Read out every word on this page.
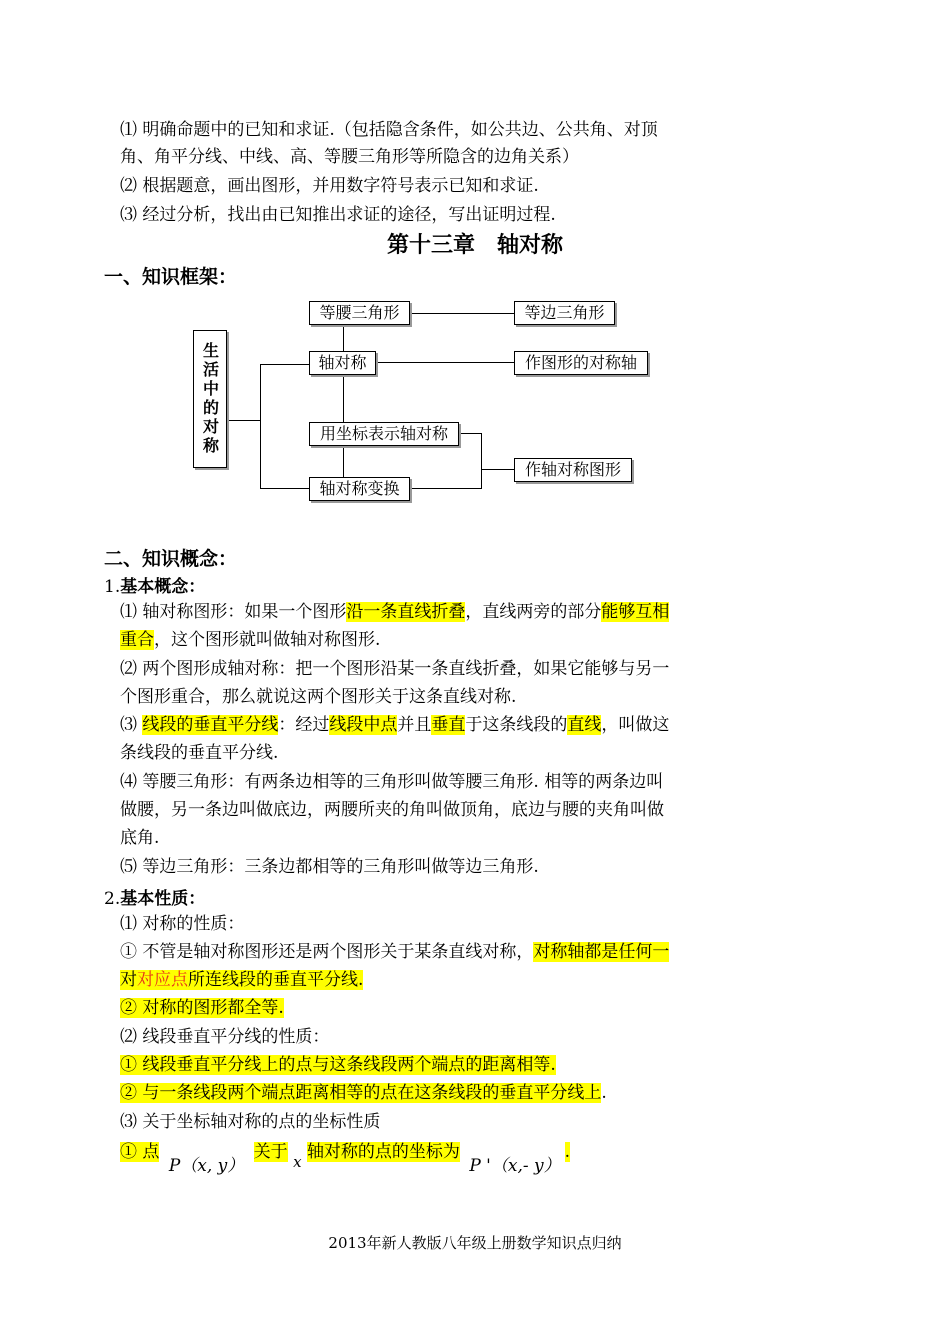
⑴ 明确命题中的已知和求证.（包括隐含条件，如公共边、公共角、对顶
角、角平分线、中线、高、等腰三角形等所隐含的边角关系）
⑵ 根据题意，画出图形，并用数字符号表示已知和求证.
⑶ 经过分析，找出由已知推出求证的途径，写出证明过程.
第十三章　轴对称
一、知识框架：
生活中的对称
等腰三角形	等边三角形
轴对称	作图形的对称轴
用坐标表示轴对称
作轴对称图形
轴对称变换
二、知识概念：
1.基本概念：
⑴ 轴对称图形：如果一个图形沿一条直线折叠，直线两旁的部分能够互相
重合，这个图形就叫做轴对称图形.
⑵ 两个图形成轴对称：把一个图形沿某一条直线折叠，如果它能够与另一
个图形重合，那么就说这两个图形关于这条直线对称.
⑶ 线段的垂直平分线：经过线段中点并且垂直于这条线段的直线，叫做这
条线段的垂直平分线.
⑷ 等腰三角形：有两条边相等的三角形叫做等腰三角形. 相等的两条边叫
做腰，另一条边叫做底边，两腰所夹的角叫做顶角，底边与腰的夹角叫做
底角.
⑸ 等边三角形：三条边都相等的三角形叫做等边三角形.
2.基本性质：
⑴ 对称的性质：
① 不管是轴对称图形还是两个图形关于某条直线对称，对称轴都是任何一
对对应点所连线段的垂直平分线.
② 对称的图形都全等.
⑵ 线段垂直平分线的性质：
① 线段垂直平分线上的点与这条线段两个端点的距离相等.
② 与一条线段两个端点距离相等的点在这条线段的垂直平分线上.
⑶ 关于坐标轴对称的点的坐标性质
① 点 P（x, y） 关于 x 轴对称的点的坐标为 P '（x,- y）.
2013年新人教版八年级上册数学知识点归纳
